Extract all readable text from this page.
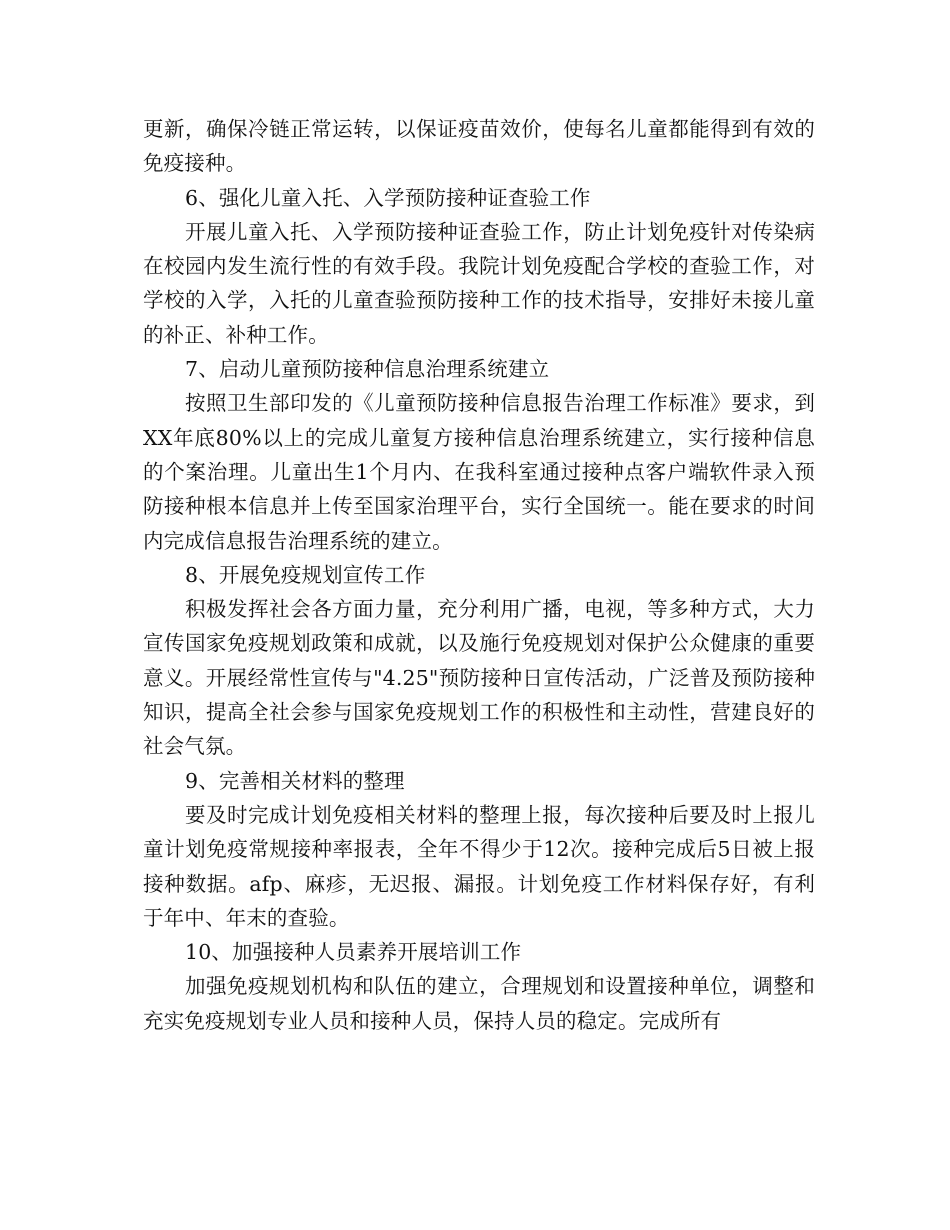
更新，确保冷链正常运转，以保证疫苗效价，使每名儿童都能得到有效的免疫接种。

6、强化儿童入托、入学预防接种证查验工作

开展儿童入托、入学预防接种证查验工作，防止计划免疫针对传染病在校园内发生流行性的有效手段。我院计划免疫配合学校的查验工作，对学校的入学，入托的儿童查验预防接种工作的技术指导，安排好未接儿童的补正、补种工作。

7、启动儿童预防接种信息治理系统建立

按照卫生部印发的《儿童预防接种信息报告治理工作标准》要求，到XX年底80%以上的完成儿童复方接种信息治理系统建立，实行接种信息的个案治理。儿童出生1个月内、在我科室通过接种点客户端软件录入预防接种根本信息并上传至国家治理平台，实行全国统一。能在要求的时间内完成信息报告治理系统的建立。

8、开展免疫规划宣传工作

积极发挥社会各方面力量，充分利用广播，电视，等多种方式，大力宣传国家免疫规划政策和成就，以及施行免疫规划对保护公众健康的重要意义。开展经常性宣传与"4.25"预防接种日宣传活动，广泛普及预防接种知识，提高全社会参与国家免疫规划工作的积极性和主动性，营建良好的社会气氛。

9、完善相关材料的整理

要及时完成计划免疫相关材料的整理上报，每次接种后要及时上报儿童计划免疫常规接种率报表，全年不得少于12次。接种完成后5日被上报接种数据。afp、麻疹，无迟报、漏报。计划免疫工作材料保存好，有利于年中、年末的查验。

10、加强接种人员素养开展培训工作

加强免疫规划机构和队伍的建立，合理规划和设置接种单位，调整和充实免疫规划专业人员和接种人员，保持人员的稳定。完成所有
